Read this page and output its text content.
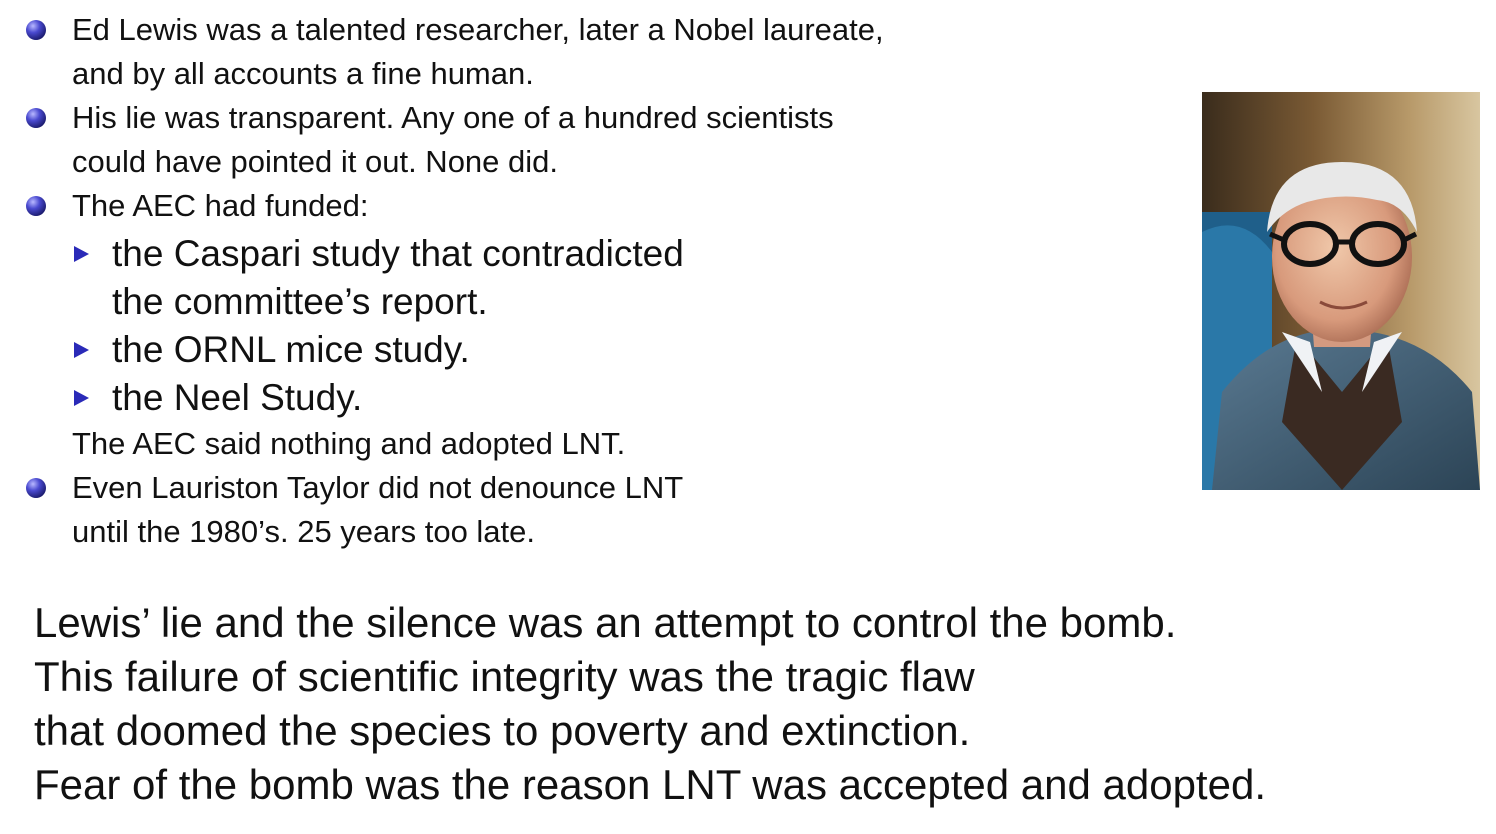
Ed Lewis was a talented researcher, later a Nobel laureate,
and by all accounts a fine human.
His lie was transparent. Any one of a hundred scientists
could have pointed it out. None did.
The AEC had funded:
the Caspari study that contradicted
the committee’s report.
the ORNL mice study.
the Neel Study.
The AEC said nothing and adopted LNT.
Even Lauriston Taylor did not denounce LNT
until the 1980’s. 25 years too late.
Lewis’ lie and the silence was an attempt to control the bomb.
This failure of scientific integrity was the tragic flaw
that doomed the species to poverty and extinction.
Fear of the bomb was the reason LNT was accepted and adopted.
